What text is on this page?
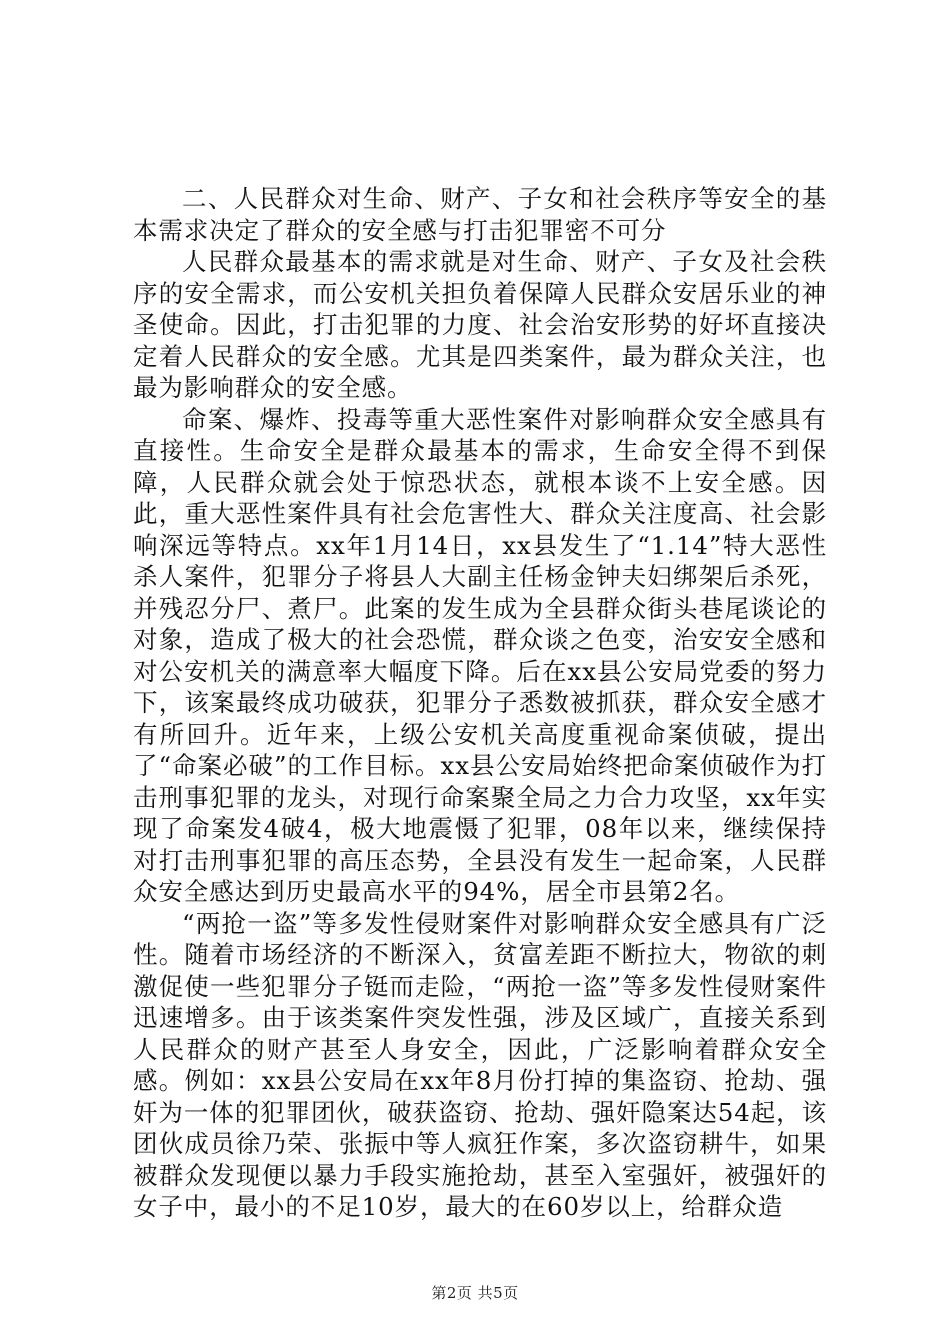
二、人民群众对生命、财产、子女和社会秩序等安全的基本需求决定了群众的安全感与打击犯罪密不可分

人民群众最基本的需求就是对生命、财产、子女及社会秩序的安全需求，而公安机关担负着保障人民群众安居乐业的神圣使命。因此，打击犯罪的力度、社会治安形势的好坏直接决定着人民群众的安全感。尤其是四类案件，最为群众关注，也最为影响群众的安全感。

命案、爆炸、投毒等重大恶性案件对影响群众安全感具有直接性。生命安全是群众最基本的需求，生命安全得不到保障，人民群众就会处于惊恐状态，就根本谈不上安全感。因此，重大恶性案件具有社会危害性大、群众关注度高、社会影响深远等特点。xx年1月14日，xx县发生了“1.14”特大恶性杀人案件，犯罪分子将县人大副主任杨金钟夫妇绑架后杀死，并残忍分尸、煮尸。此案的发生成为全县群众街头巷尾谈论的对象，造成了极大的社会恐慌，群众谈之色变，治安安全感和对公安机关的满意率大幅度下降。后在xx县公安局党委的努力下，该案最终成功破获，犯罪分子悉数被抓获，群众安全感才有所回升。近年来，上级公安机关高度重视命案侦破，提出了“命案必破”的工作目标。xx县公安局始终把命案侦破作为打击刑事犯罪的龙头，对现行命案聚全局之力合力攻坚，xx年实现了命案发4破4，极大地震慑了犯罪，08年以来，继续保持对打击刑事犯罪的高压态势，全县没有发生一起命案，人民群众安全感达到历史最高水平的94%，居全市县第2名。

“两抢一盗”等多发性侵财案件对影响群众安全感具有广泛性。随着市场经济的不断深入，贫富差距不断拉大，物欲的刺激促使一些犯罪分子铤而走险，“两抢一盗”等多发性侵财案件迅速增多。由于该类案件突发性强，涉及区域广，直接关系到人民群众的财产甚至人身安全，因此，广泛影响着群众安全感。例如：xx县公安局在xx年8月份打掉的集盗窃、抢劫、强奸为一体的犯罪团伙，破获盗窃、抢劫、强奸隐案达54起，该团伙成员徐乃荣、张振中等人疯狂作案，多次盗窃耕牛，如果被群众发现便以暴力手段实施抢劫，甚至入室强奸，被强奸的女子中，最小的不足10岁，最大的在60岁以上，给群众造

第2页 共5页
